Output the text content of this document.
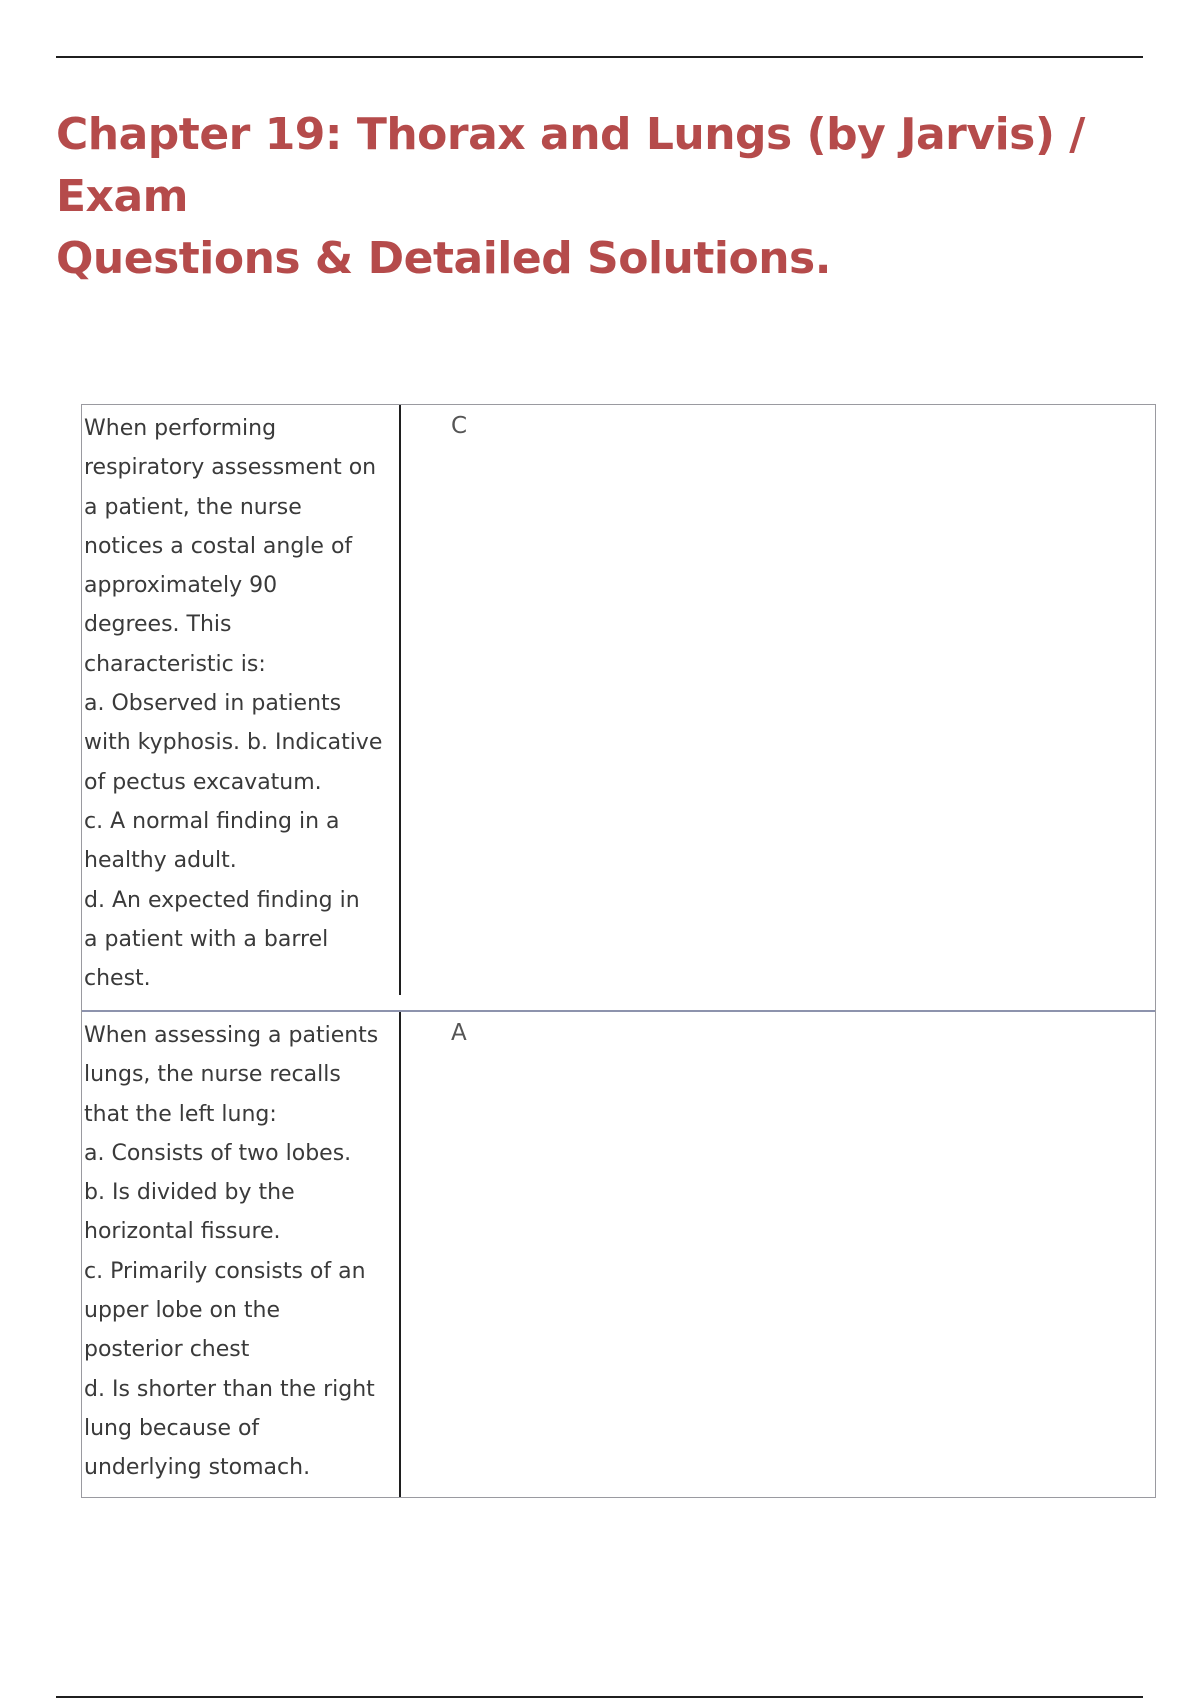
Chapter 19: Thorax and Lungs (by Jarvis) / Exam
Questions & Detailed Solutions.
When performing
respiratory assessment on
a patient, the nurse
notices a costal angle of
approximately 90
degrees. This
characteristic is:
a. Observed in patients
with kyphosis. b. Indicative
of pectus excavatum.
c. A normal finding in a
healthy adult.
d. An expected finding in
a patient with a barrel
chest.
C
When assessing a patients
lungs, the nurse recalls
that the left lung:
a. Consists of two lobes.
b. Is divided by the
horizontal fissure.
c. Primarily consists of an
upper lobe on the
posterior chest
d. Is shorter than the right
lung because of
underlying stomach.
A
